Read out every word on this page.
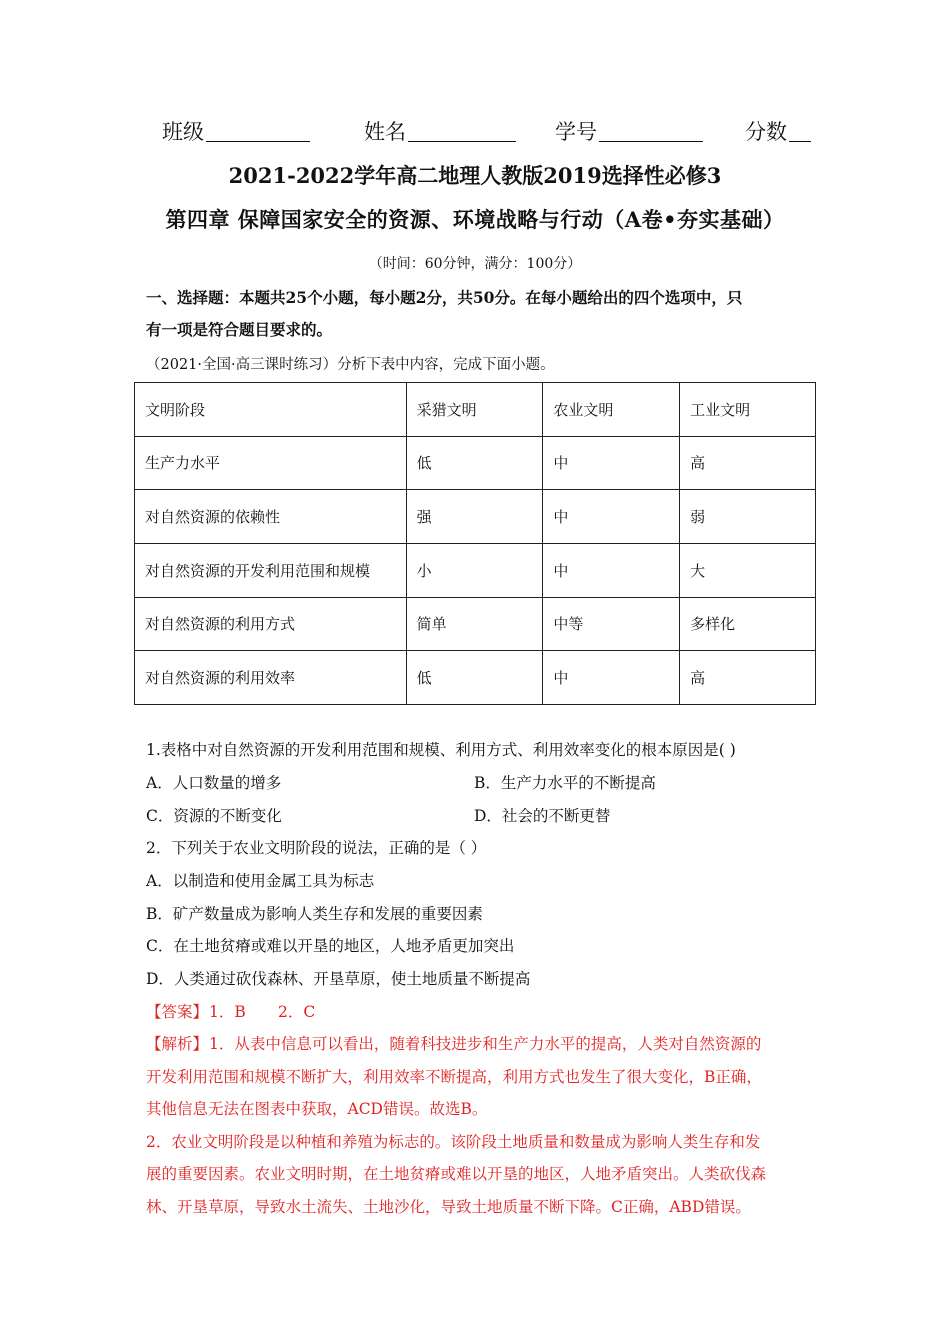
班级	姓名	学号	分数
2021-2022学年高二地理人教版2019选择性必修3
第四章 保障国家安全的资源、环境战略与行动（A卷•夯实基础）
（时间：60分钟，满分：100分）
一、选择题：本题共25个小题，每小题2分，共50分。在每小题给出的四个选项中，只
有一项是符合题目要求的。
（2021·全国·高三课时练习）分析下表中内容，完成下面小题。
文明阶段	采猎文明	农业文明	工业文明
生产力水平	低	中	高
对自然资源的依赖性	强	中	弱
对自然资源的开发利用范围和规模	小	中	大
对自然资源的利用方式	简单	中等	多样化
对自然资源的利用效率	低	中	高
1.表格中对自然资源的开发利用范围和规模、利用方式、利用效率变化的根本原因是( )
A．人口数量的增多	B．生产力水平的不断提高
C．资源的不断变化	D．社会的不断更替
2．下列关于农业文明阶段的说法，正确的是（ ）
A．以制造和使用金属工具为标志
B．矿产数量成为影响人类生存和发展的重要因素
C．在土地贫瘠或难以开垦的地区，人地矛盾更加突出
D．人类通过砍伐森林、开垦草原，使土地质量不断提高
【答案】 1．B 2．C
【解析】 1．从表中信息可以看出，随着科技进步和生产力水平的提高，人类对自然资源的
开发利用范围和规模不断扩大，利用效率不断提高，利用方式也发生了很大变化，B正确，
其他信息无法在图表中获取，ACD错误。故选B。
2．农业文明阶段是以种植和养殖为标志的。该阶段土地质量和数量成为影响人类生存和发
展的重要因素。农业文明时期，在土地贫瘠或难以开垦的地区，人地矛盾突出。人类砍伐森
林、开垦草原，导致水土流失、土地沙化，导致土地质量不断下降。C正确，ABD错误。
